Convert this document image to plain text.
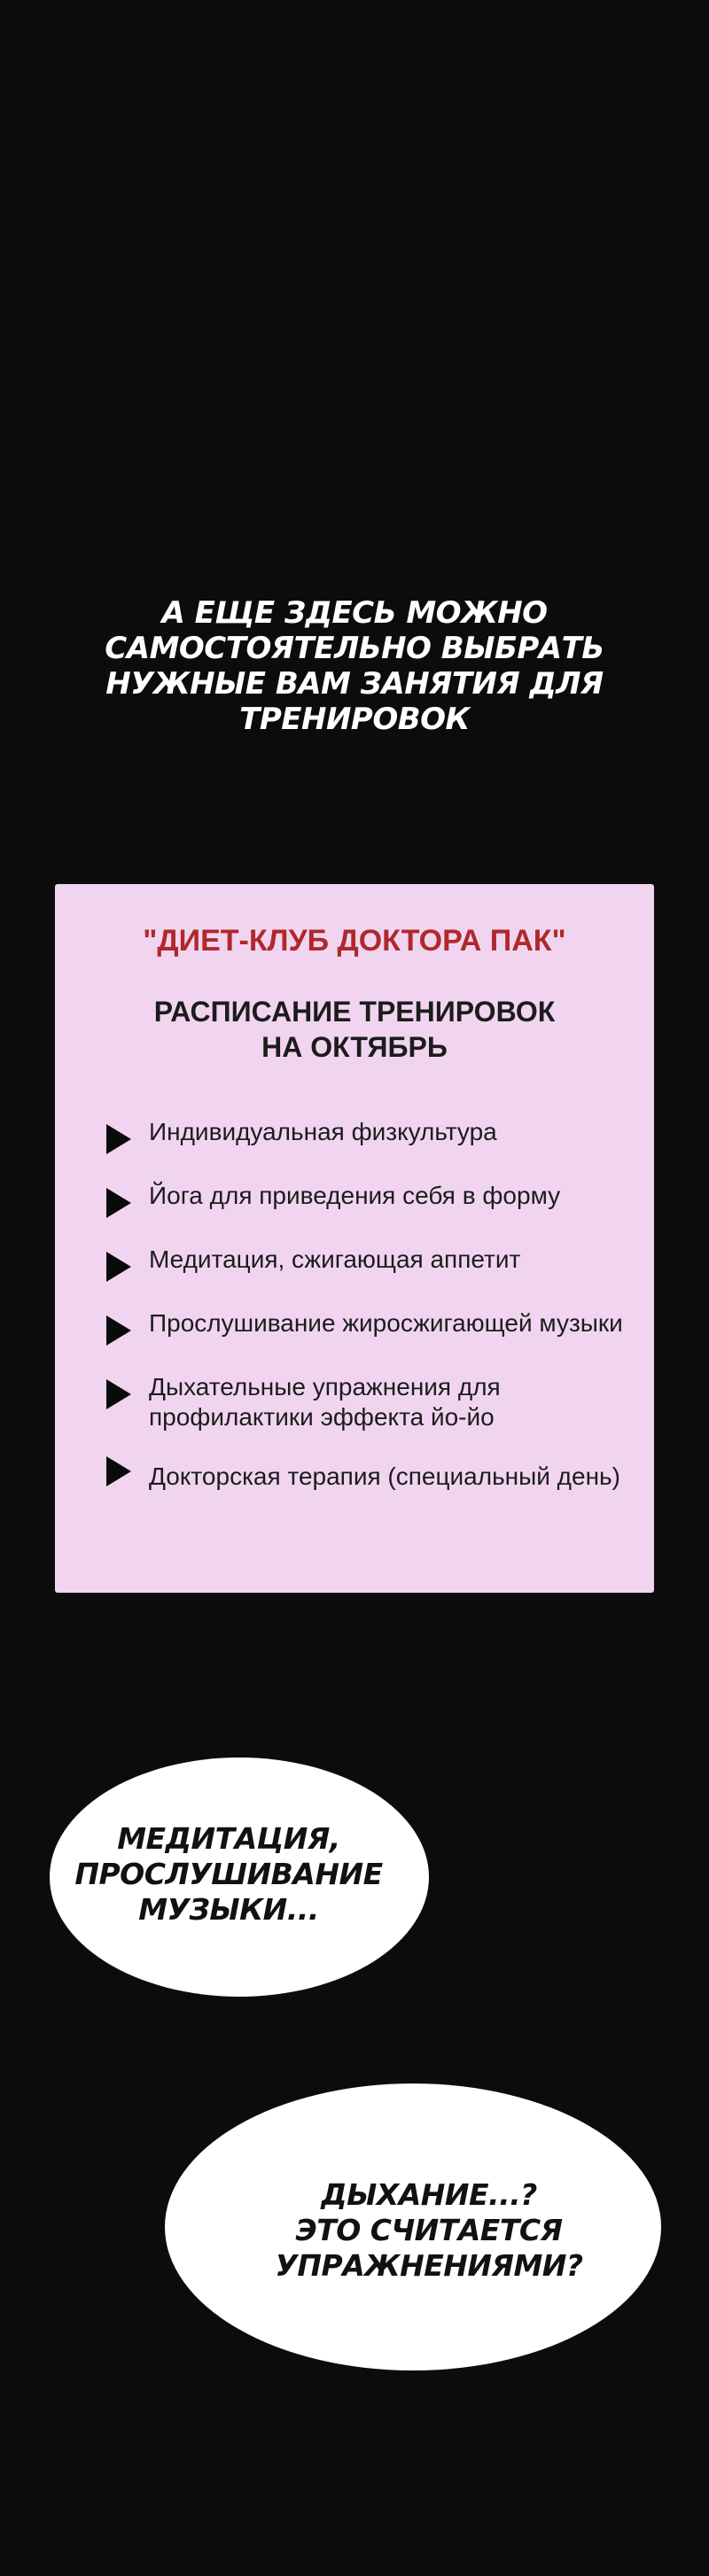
А ЕЩЕ ЗДЕСЬ МОЖНО
САМОСТОЯТЕЛЬНО ВЫБРАТЬ
НУЖНЫЕ ВАМ ЗАНЯТИЯ ДЛЯ
ТРЕНИРОВОК
"ДИЕТ-КЛУБ ДОКТОРА ПАК"
РАСПИСАНИЕ ТРЕНИРОВОК
НА ОКТЯБРЬ
Индивидуальная физкультура
Йога для приведения себя в форму
Медитация, сжигающая аппетит
Прослушивание жиросжигающей музыки
Дыхательные упражнения для
профилактики эффекта йо-йо
Докторская терапия (специальный день)
МЕДИТАЦИЯ,
ПРОСЛУШИВАНИЕ
МУЗЫКИ...
ДЫХАНИЕ...?
ЭТО СЧИТАЕТСЯ
УПРАЖНЕНИЯМИ?
